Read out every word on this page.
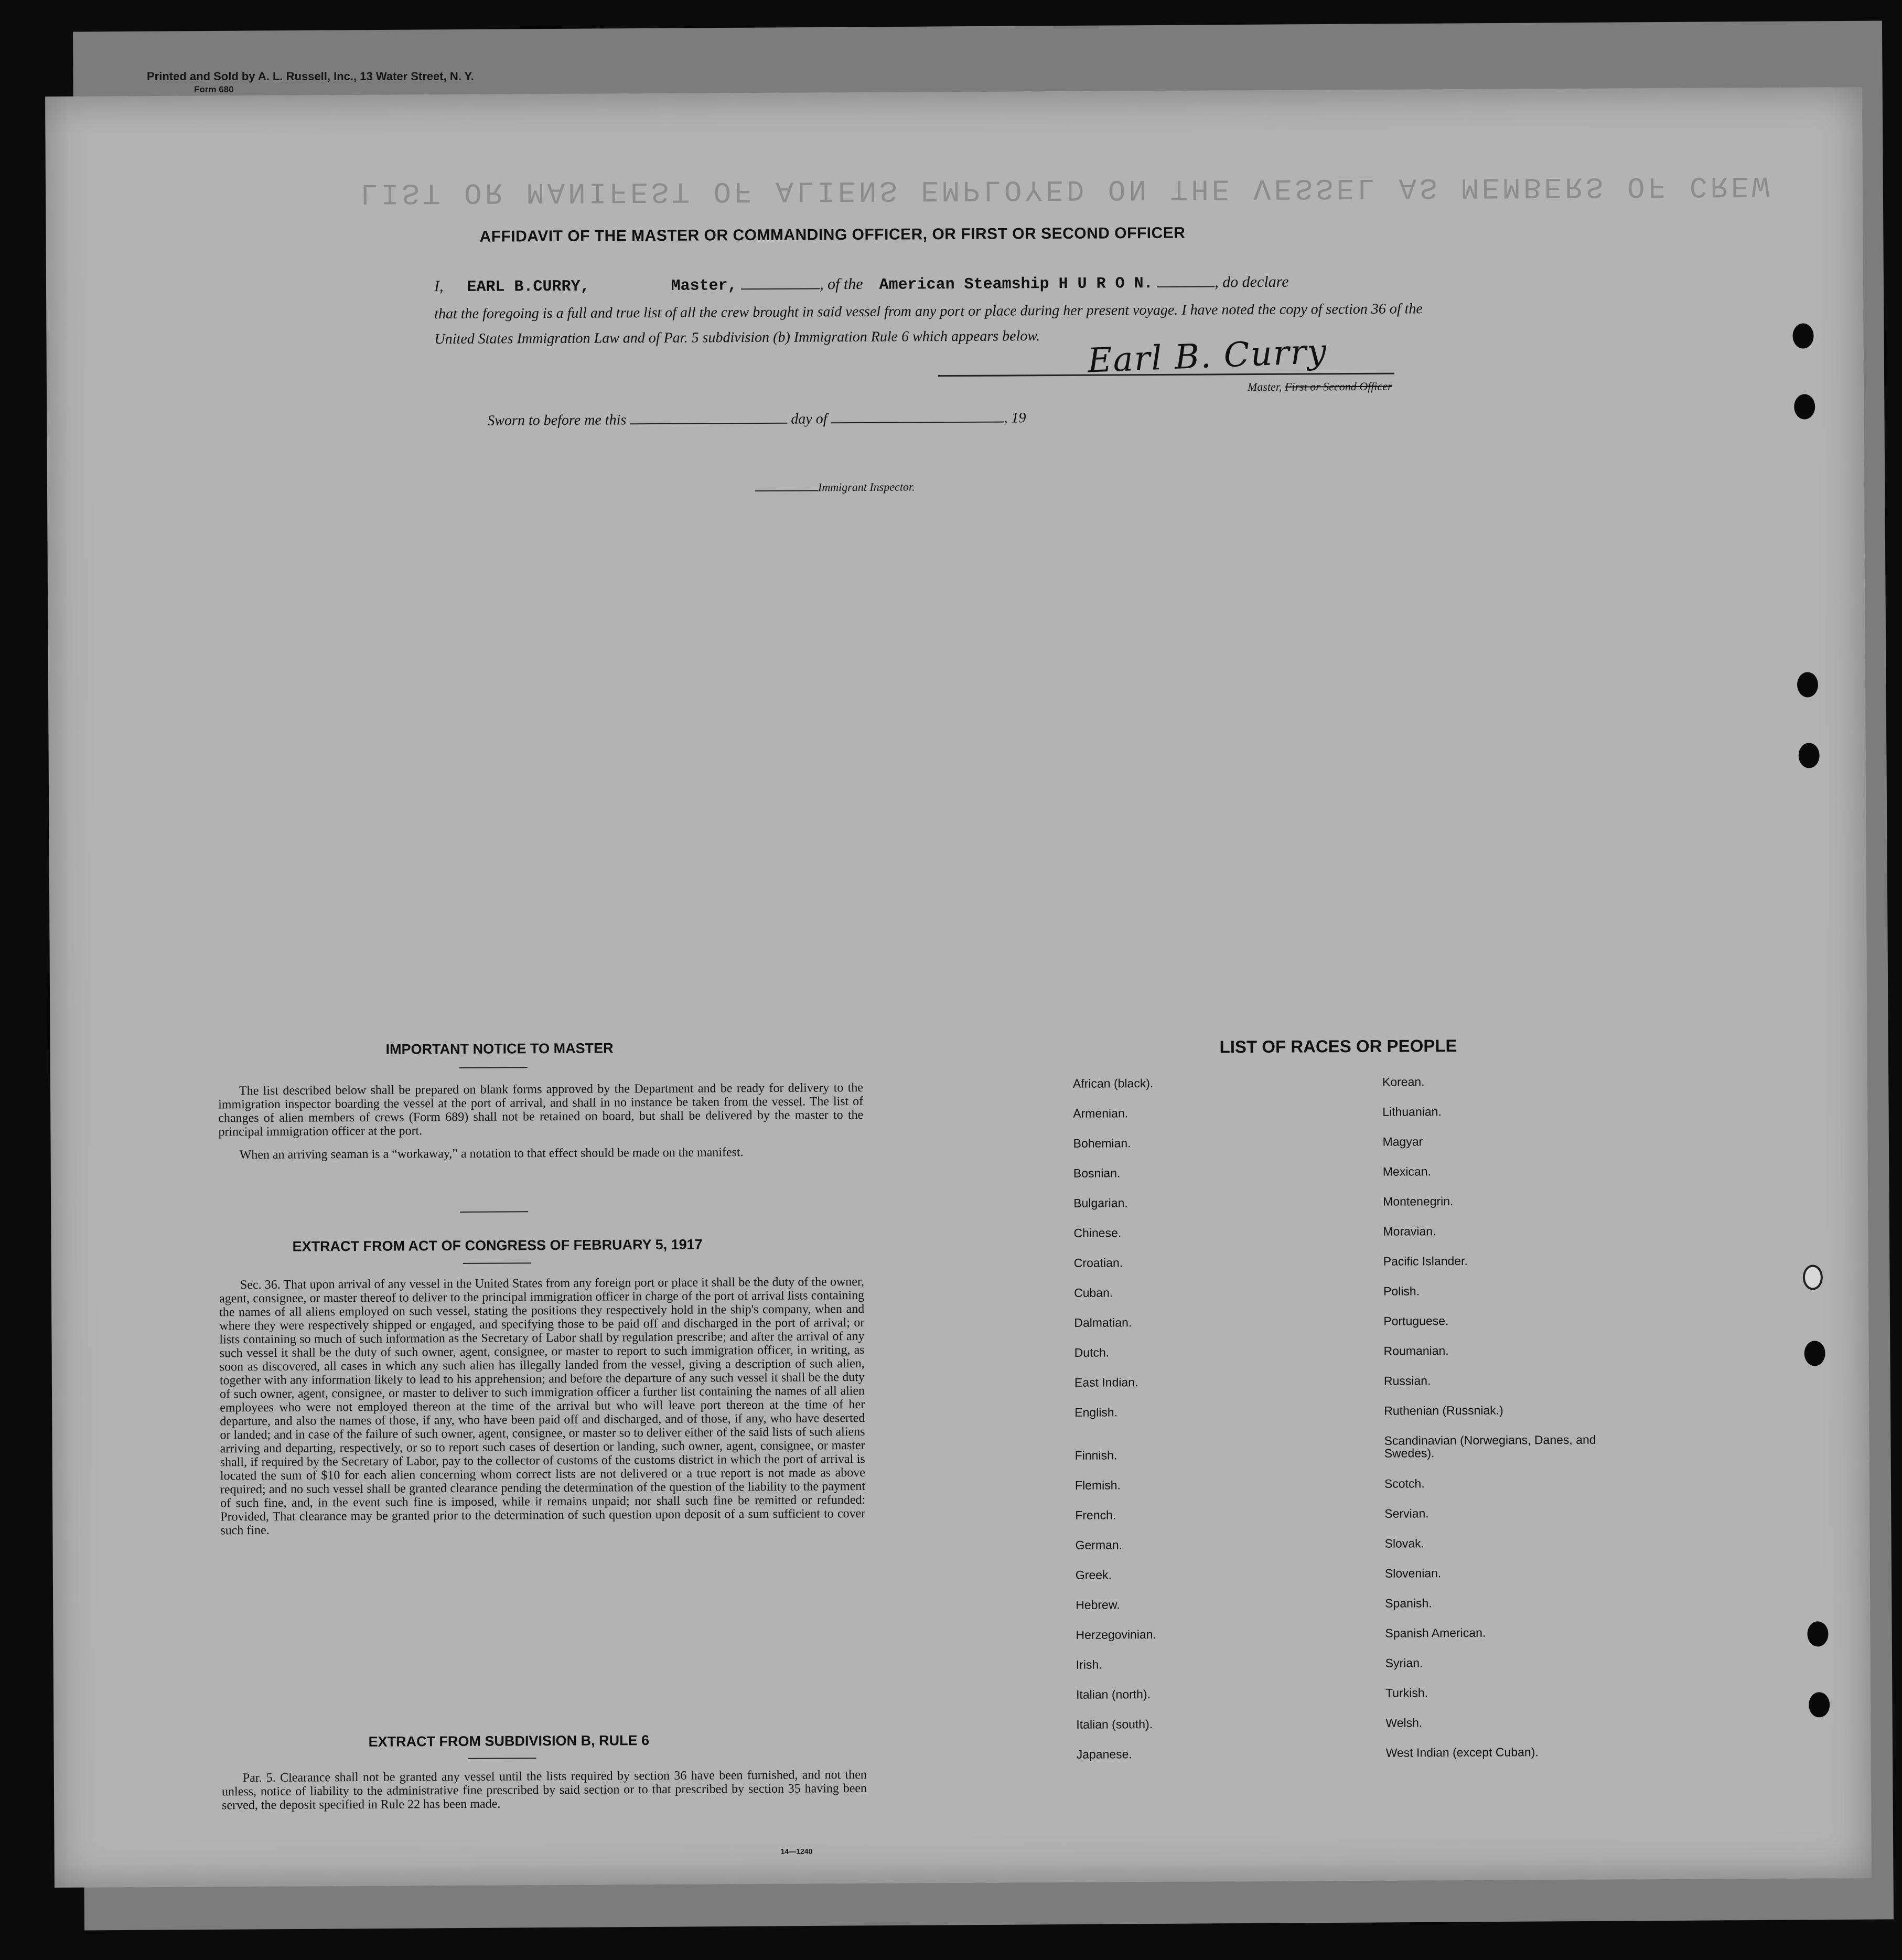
Printed and Sold by A. L. Russell, Inc., 13 Water Street, N. Y.
Form 680
LIST OR MANIFEST OF ALIENS EMPLOYED ON THE VESSEL AS MEMBERS OF CREW
AFFIDAVIT OF THE MASTER OR COMMANDING OFFICER, OR FIRST OR SECOND OFFICER
I, EARL B.CURRY,	Master,	, of the American Steamship H U R O N.	, do declare
that the foregoing is a full and true list of all the crew brought in said vessel from any port or place during her present voyage. I have noted the copy of section 36 of the United States Immigration Law and of Par. 5 subdivision (b) Immigration Rule 6 which appears below.	Earl B. Curry
Master, First or Second Officer
Sworn to before me this	day of	, 19
Immigrant Inspector.
IMPORTANT NOTICE TO MASTER

The list described below shall be prepared on blank forms approved by the Department and be ready for delivery to the immigration inspector boarding the vessel at the port of arrival, and shall in no instance be taken from the vessel. The list of changes of alien members of crews (Form 689) shall not be retained on board, but shall be delivered by the master to the principal immigration officer at the port.

When an arriving seaman is a “workaway,” a notation to that effect should be made on the manifest.

EXTRACT FROM ACT OF CONGRESS OF FEBRUARY 5, 1917

Sec. 36. That upon arrival of any vessel in the United States from any foreign port or place it shall be the duty of the owner, agent, consignee, or master thereof to deliver to the principal immigration officer in charge of the port of arrival lists containing the names of all aliens employed on such vessel, stating the positions they respectively hold in the ship's company, when and where they were respectively shipped or engaged, and specifying those to be paid off and discharged in the port of arrival; or lists containing so much of such information as the Secretary of Labor shall by regulation prescribe; and after the arrival of any such vessel it shall be the duty of such owner, agent, consignee, or master to report to such immigration officer, in writing, as soon as discovered, all cases in which any such alien has illegally landed from the vessel, giving a description of such alien, together with any information likely to lead to his apprehension; and before the departure of any such vessel it shall be the duty of such owner, agent, consignee, or master to deliver to such immigration officer a further list containing the names of all alien employees who were not employed thereon at the time of the arrival but who will leave port thereon at the time of her departure, and also the names of those, if any, who have been paid off and discharged, and of those, if any, who have deserted or landed; and in case of the failure of such owner, agent, consignee, or master so to deliver either of the said lists of such aliens arriving and departing, respectively, or so to report such cases of desertion or landing, such owner, agent, consignee, or master shall, if required by the Secretary of Labor, pay to the collector of customs of the customs district in which the port of arrival is located the sum of $10 for each alien concerning whom correct lists are not delivered or a true report is not made as above required; and no such vessel shall be granted clearance pending the determination of the question of the liability to the payment of such fine, and, in the event such fine is imposed, while it remains unpaid; nor shall such fine be remitted or refunded: Provided, That clearance may be granted prior to the determination of such question upon deposit of a sum sufficient to cover such fine.

EXTRACT FROM SUBDIVISION B, RULE 6

Par. 5. Clearance shall not be granted any vessel until the lists required by section 36 have been furnished, and not then unless, notice of liability to the administrative fine prescribed by said section or to that prescribed by section 35 having been served, the deposit specified in Rule 22 has been made.

14—1240
LIST OF RACES OR PEOPLE
African (black).
Armenian.
Bohemian.
Bosnian.
Bulgarian.
Chinese.
Croatian.
Cuban.
Dalmatian.
Dutch.
East Indian.
English.
Finnish.
Flemish.
French.
German.
Greek.
Hebrew.
Herzegovinian.
Irish.
Italian (north).
Italian (south).
Japanese.
Korean.
Lithuanian.
Magyar
Mexican.
Montenegrin.
Moravian.
Pacific Islander.
Polish.
Portuguese.
Roumanian.
Russian.
Ruthenian (Russniak.)
Scandinavian (Norwegians, Danes, and Swedes).
Scotch.
Servian.
Slovak.
Slovenian.
Spanish.
Spanish American.
Syrian.
Turkish.
Welsh.
West Indian (except Cuban).
